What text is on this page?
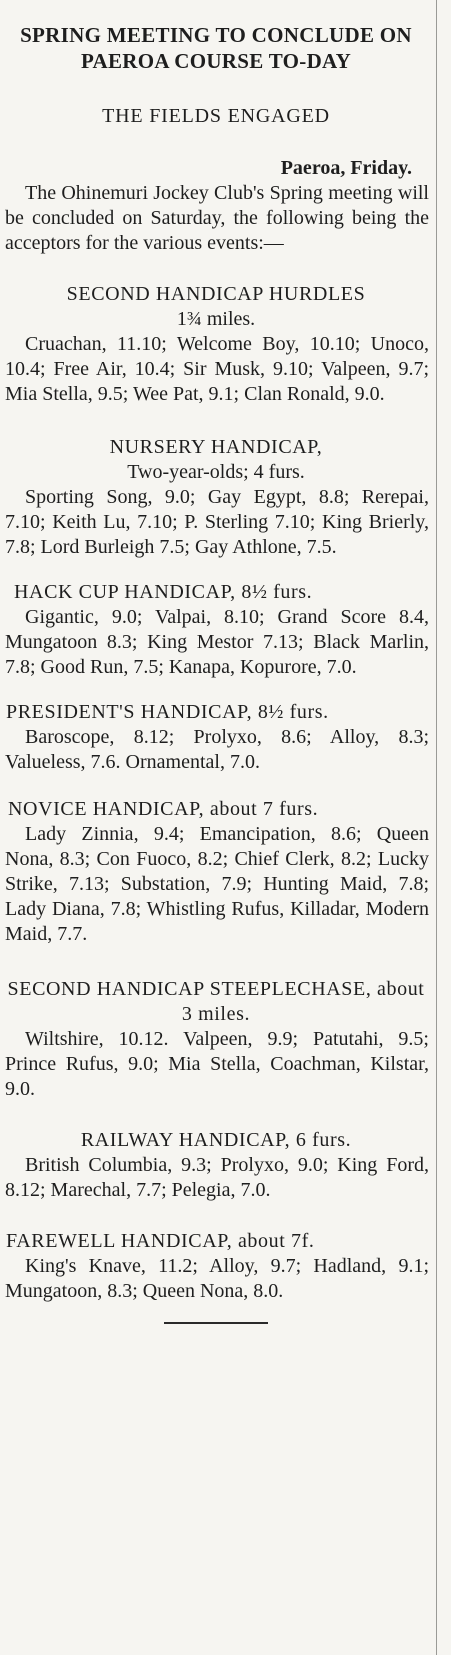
SPRING MEETING TO CONCLUDE ON PAEROA COURSE TO-DAY
THE FIELDS ENGAGED
Paeroa, Friday.

The Ohinemuri Jockey Club's Spring meeting will be concluded on Saturday, the following being the acceptors for the various events:—

SECOND HANDICAP HURDLES
1¾ miles.

Cruachan, 11.10; Welcome Boy, 10.10; Unoco, 10.4; Free Air, 10.4; Sir Musk, 9.10; Valpeen, 9.7; Mia Stella, 9.5; Wee Pat, 9.1; Clan Ronald, 9.0.

NURSERY HANDICAP,
Two-year-olds; 4 furs.

Sporting Song, 9.0; Gay Egypt, 8.8; Rerepai, 7.10; Keith Lu, 7.10; P. Sterling 7.10; King Brierly, 7.8; Lord Burleigh 7.5; Gay Athlone, 7.5.

HACK CUP HANDICAP, 8½ furs.

Gigantic, 9.0; Valpai, 8.10; Grand Score 8.4, Mungatoon 8.3; King Mestor 7.13; Black Marlin, 7.8; Good Run, 7.5; Kanapa, Kopurore, 7.0.

PRESIDENT'S HANDICAP, 8½ furs.

Baroscope, 8.12; Prolyxo, 8.6; Alloy, 8.3; Valueless, 7.6. Ornamental, 7.0.

NOVICE HANDICAP, about 7 furs.

Lady Zinnia, 9.4; Emancipation, 8.6; Queen Nona, 8.3; Con Fuoco, 8.2; Chief Clerk, 8.2; Lucky Strike, 7.13; Substation, 7.9; Hunting Maid, 7.8; Lady Diana, 7.8; Whistling Rufus, Killadar, Modern Maid, 7.7.

SECOND HANDICAP STEEPLECHASE, about 3 miles.

Wiltshire, 10.12. Valpeen, 9.9; Patutahi, 9.5; Prince Rufus, 9.0; Mia Stella, Coachman, Kilstar, 9.0.

RAILWAY HANDICAP, 6 furs.

British Columbia, 9.3; Prolyxo, 9.0; King Ford, 8.12; Marechal, 7.7; Pelegia, 7.0.

FAREWELL HANDICAP, about 7f.

King's Knave, 11.2; Alloy, 9.7; Hadland, 9.1; Mungatoon, 8.3; Queen Nona, 8.0.
